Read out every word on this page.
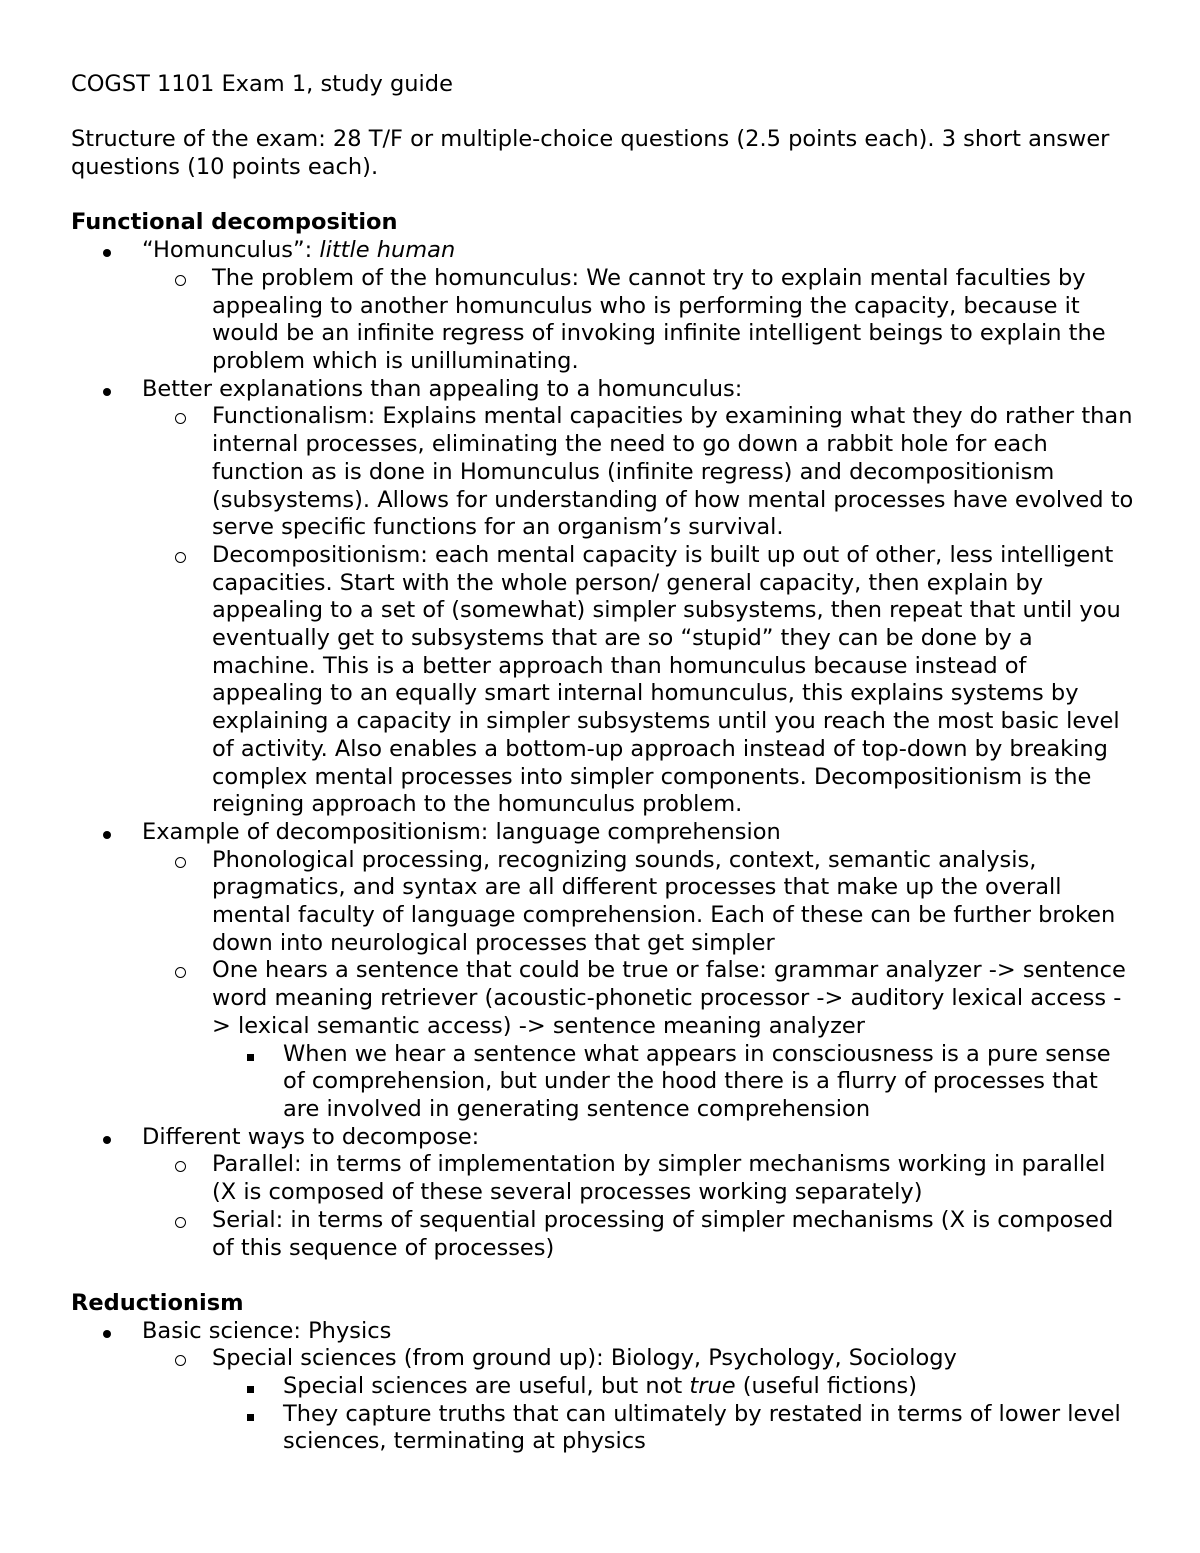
COGST 1101 Exam 1, study guide

Structure of the exam: 28 T/F or multiple-choice questions (2.5 points each). 3 short answer questions (10 points each).

Functional decomposition

“Homunculus”: little human
The problem of the homunculus: We cannot try to explain mental faculties by appealing to another homunculus who is performing the capacity, because it would be an infinite regress of invoking infinite intelligent beings to explain the problem which is unilluminating.
Better explanations than appealing to a homunculus:
Functionalism: Explains mental capacities by examining what they do rather than internal processes, eliminating the need to go down a rabbit hole for each function as is done in Homunculus (infinite regress) and decompositionism (subsystems). Allows for understanding of how mental processes have evolved to serve specific functions for an organism’s survival.
Decompositionism: each mental capacity is built up out of other, less intelligent capacities. Start with the whole person/ general capacity, then explain by appealing to a set of (somewhat) simpler subsystems, then repeat that until you eventually get to subsystems that are so “stupid” they can be done by a machine. This is a better approach than homunculus because instead of appealing to an equally smart internal homunculus, this explains systems by explaining a capacity in simpler subsystems until you reach the most basic level of activity. Also enables a bottom-up approach instead of top-down by breaking complex mental processes into simpler components. Decompositionism is the reigning approach to the homunculus problem.
Example of decompositionism: language comprehension
Phonological processing, recognizing sounds, context, semantic analysis, pragmatics, and syntax are all different processes that make up the overall mental faculty of language comprehension. Each of these can be further broken down into neurological processes that get simpler
One hears a sentence that could be true or false: grammar analyzer -> sentence word meaning retriever (acoustic-phonetic processor -> auditory lexical access -> lexical semantic access) -> sentence meaning analyzer
When we hear a sentence what appears in consciousness is a pure sense of comprehension, but under the hood there is a flurry of processes that are involved in generating sentence comprehension
Different ways to decompose:
Parallel: in terms of implementation by simpler mechanisms working in parallel (X is composed of these several processes working separately)
Serial: in terms of sequential processing of simpler mechanisms (X is composed of this sequence of processes)

Reductionism

Basic science: Physics
Special sciences (from ground up): Biology, Psychology, Sociology
Special sciences are useful, but not true (useful fictions)
They capture truths that can ultimately by restated in terms of lower level sciences, terminating at physics
